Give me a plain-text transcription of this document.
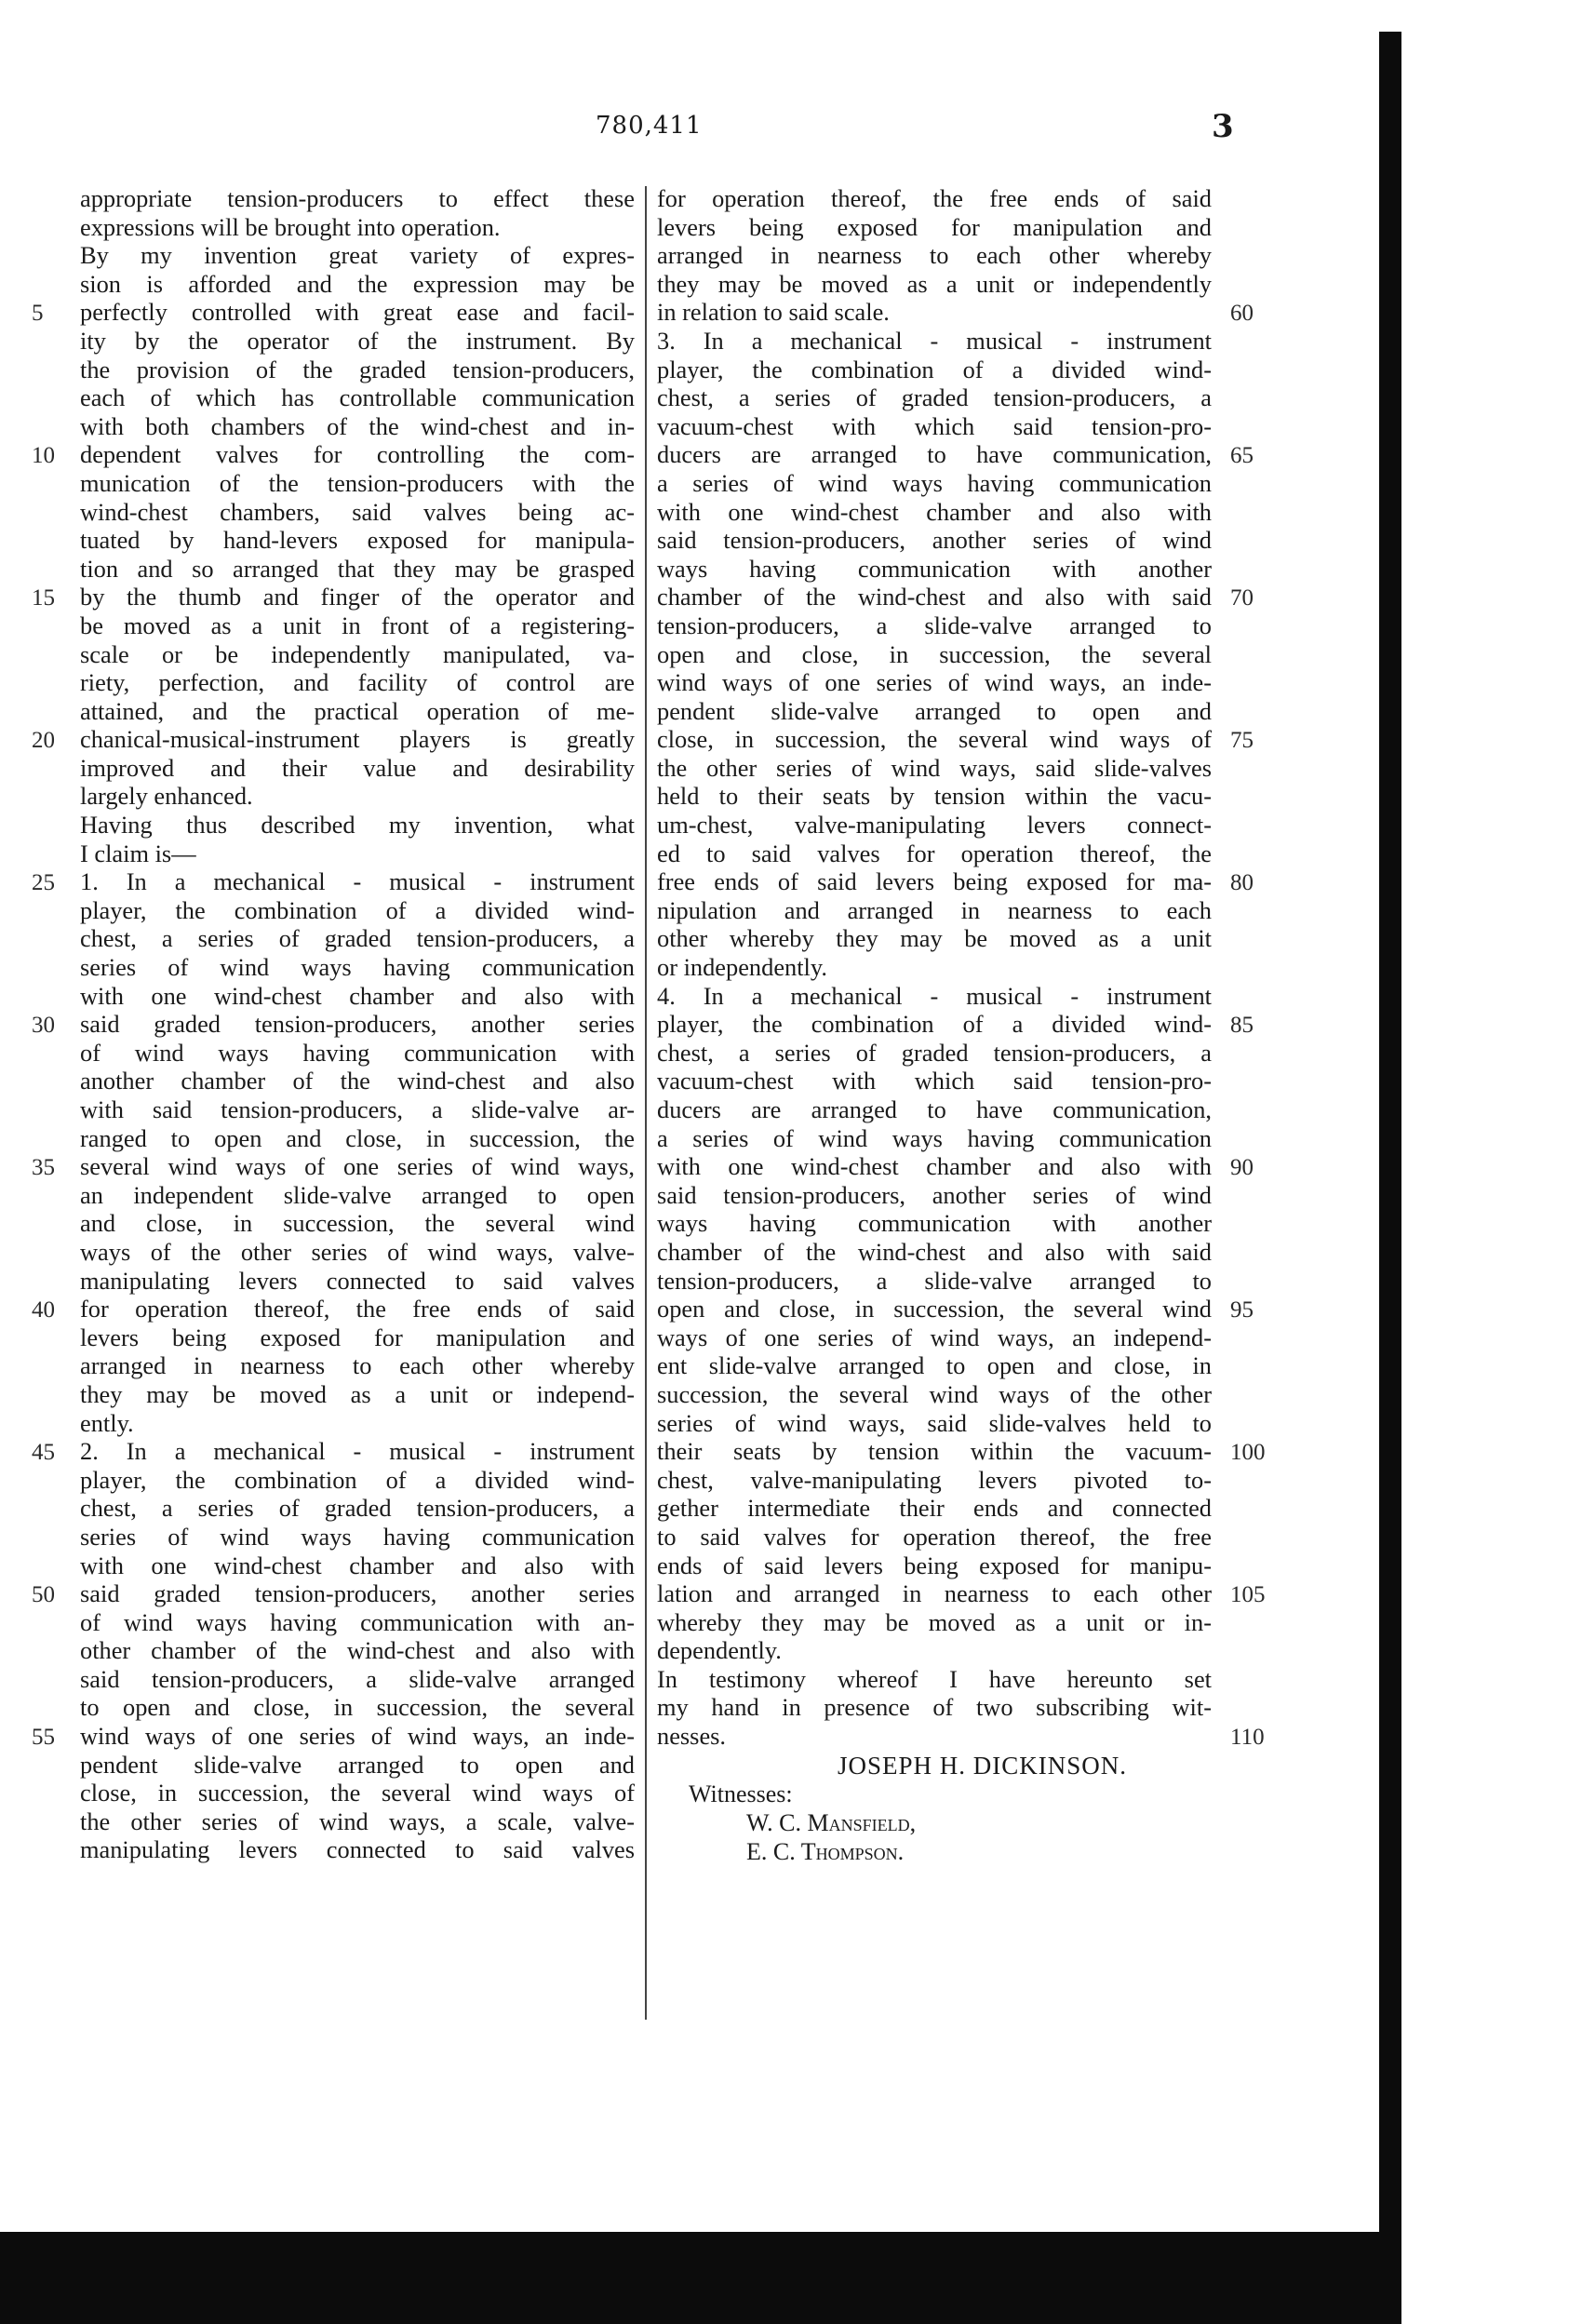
780,411	3
appropriate tension-producers to effect these
expressions will be brought into operation.
By my invention great variety of expres-
sion is afforded and the expression may be
perfectly controlled with great ease and facil-
ity by the operator of the instrument. By
the provision of the graded tension-producers,
each of which has controllable communication
with both chambers of the wind-chest and in-
dependent valves for controlling the com-
munication of the tension-producers with the
wind-chest chambers, said valves being ac-
tuated by hand-levers exposed for manipula-
tion and so arranged that they may be grasped
by the thumb and finger of the operator and
be moved as a unit in front of a registering-
scale or be independently manipulated, va-
riety, perfection, and facility of control are
attained, and the practical operation of me-
chanical-musical-instrument players is greatly
improved and their value and desirability
largely enhanced.
Having thus described my invention, what
I claim is—
1. In a mechanical - musical - instrument
player, the combination of a divided wind-
chest, a series of graded tension-producers, a
series of wind ways having communication
with one wind-chest chamber and also with
said graded tension-producers, another series
of wind ways having communication with
another chamber of the wind-chest and also
with said tension-producers, a slide-valve ar-
ranged to open and close, in succession, the
several wind ways of one series of wind ways,
an independent slide-valve arranged to open
and close, in succession, the several wind
ways of the other series of wind ways, valve-
manipulating levers connected to said valves
for operation thereof, the free ends of said
levers being exposed for manipulation and
arranged in nearness to each other whereby
they may be moved as a unit or independ-
ently.
2. In a mechanical - musical - instrument
player, the combination of a divided wind-
chest, a series of graded tension-producers, a
series of wind ways having communication
with one wind-chest chamber and also with
said graded tension-producers, another series
of wind ways having communication with an-
other chamber of the wind-chest and also with
said tension-producers, a slide-valve arranged
to open and close, in succession, the several
wind ways of one series of wind ways, an inde-
pendent slide-valve arranged to open and
close, in succession, the several wind ways of
the other series of wind ways, a scale, valve-
manipulating levers connected to said valves
for operation thereof, the free ends of said
levers being exposed for manipulation and
arranged in nearness to each other whereby
they may be moved as a unit or independently
in relation to said scale.
3. In a mechanical - musical - instrument
player, the combination of a divided wind-
chest, a series of graded tension-producers, a
vacuum-chest with which said tension-pro-
ducers are arranged to have communication,
a series of wind ways having communication
with one wind-chest chamber and also with
said tension-producers, another series of wind
ways having communication with another
chamber of the wind-chest and also with said
tension-producers, a slide-valve arranged to
open and close, in succession, the several
wind ways of one series of wind ways, an inde-
pendent slide-valve arranged to open and
close, in succession, the several wind ways of
the other series of wind ways, said slide-valves
held to their seats by tension within the vacu-
um-chest, valve-manipulating levers connect-
ed to said valves for operation thereof, the
free ends of said levers being exposed for ma-
nipulation and arranged in nearness to each
other whereby they may be moved as a unit
or independently.
4. In a mechanical - musical - instrument
player, the combination of a divided wind-
chest, a series of graded tension-producers, a
vacuum-chest with which said tension-pro-
ducers are arranged to have communication,
a series of wind ways having communication
with one wind-chest chamber and also with
said tension-producers, another series of wind
ways having communication with another
chamber of the wind-chest and also with said
tension-producers, a slide-valve arranged to
open and close, in succession, the several wind
ways of one series of wind ways, an independ-
ent slide-valve arranged to open and close, in
succession, the several wind ways of the other
series of wind ways, said slide-valves held to
their seats by tension within the vacuum-
chest, valve-manipulating levers pivoted to-
gether intermediate their ends and connected
to said valves for operation thereof, the free
ends of said levers being exposed for manipu-
lation and arranged in nearness to each other
whereby they may be moved as a unit or in-
dependently.
In testimony whereof I have hereunto set
my hand in presence of two subscribing wit-
nesses.
5
10
15
20
25
30
35
40
45
50
55
60
65
70
75
80
85
90
95
100
105
110
JOSEPH H. DICKINSON.
Witnesses:
W. C. Mansfield,
E. C. Thompson.
